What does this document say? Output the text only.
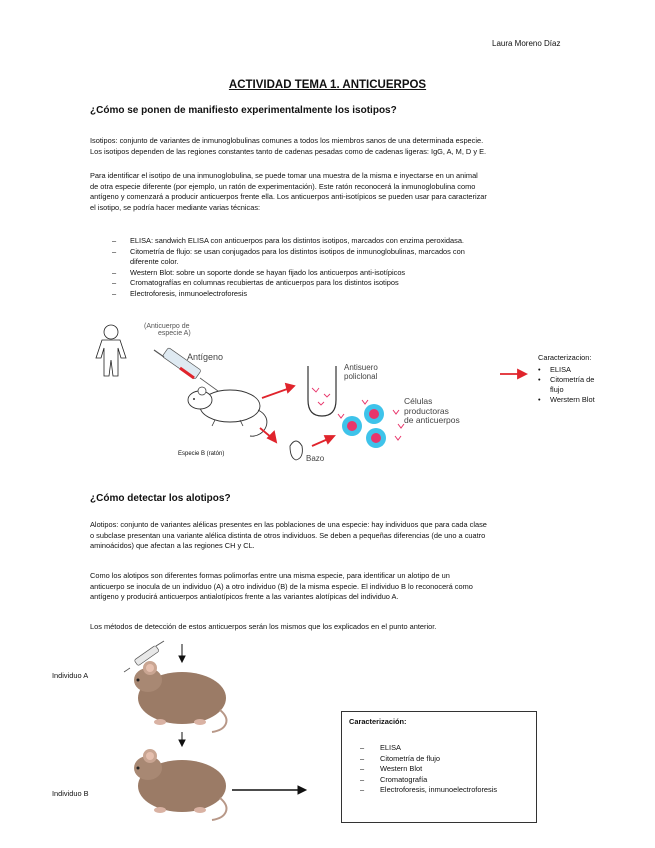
Laura Moreno Díaz
ACTIVIDAD TEMA 1. ANTICUERPOS
¿Cómo se ponen de manifiesto experimentalmente los isotipos?
Isotipos: conjunto de variantes de inmunoglobulinas comunes a todos los miembros sanos de una determinada especie.
Los isotipos dependen de las regiones constantes tanto de cadenas pesadas como de cadenas ligeras: IgG, A, M, D y E.
Para identificar el isotipo de una inmunoglobulina, se puede tomar una muestra de la misma e inyectarse en un animal
de otra especie diferente (por ejemplo, un ratón de experimentación). Este ratón reconocerá la inmunoglobulina como
antígeno y comenzará a producir anticuerpos frente ella. Los anticuerpos anti-isotípicos se pueden usar para caracterizar
el isotipo, se podría hacer mediante varias técnicas:
– ELISA: sandwich ELISA con anticuerpos para los distintos isotipos, marcados con enzima peroxidasa.
– Citometría de flujo: se usan conjugados para los distintos isotipos de inmunoglobulinas, marcados con
diferente color.
– Western Blot: sobre un soporte donde se hayan fijado los anticuerpos anti-isotípicos
– Cromatografías en columnas recubiertas de anticuerpos para los distintos isotipos
– Electroforesis, inmunoelectroforesis
(Anticuerpo de
especie A)
Antígeno
Especie B (ratón)
Antisuero
policlonal
Bazo
Células
productoras
de anticuerpos
Caracterizacion:
• ELISA
• Citometría de
flujo
• Werstern Blot
¿Cómo detectar los alotipos?
Alotipos: conjunto de variantes alélicas presentes en las poblaciones de una especie: hay individuos que para cada clase
o subclase presentan una variante alélica distinta de otros individuos. Se deben a pequeñas diferencias (de uno a cuatro
aminoácidos) que afectan a las regiones CH y CL.
Como los alotipos son diferentes formas polimorfas entre una misma especie, para identificar un alotipo de un
anticuerpo se inocula de un individuo (A) a otro individuo (B) de la misma especie. El individuo B lo reconocerá como
antígeno y producirá anticuerpos antialotípicos frente a las variantes alotípicas del individuo A.
Los métodos de detección de estos anticuerpos serán los mismos que los explicados en el punto anterior.
Individuo A
Individuo B
Caracterización:
– ELISA
– Citometría de flujo
– Western Blot
– Cromatografía
– Electroforesis, inmunoelectroforesis
